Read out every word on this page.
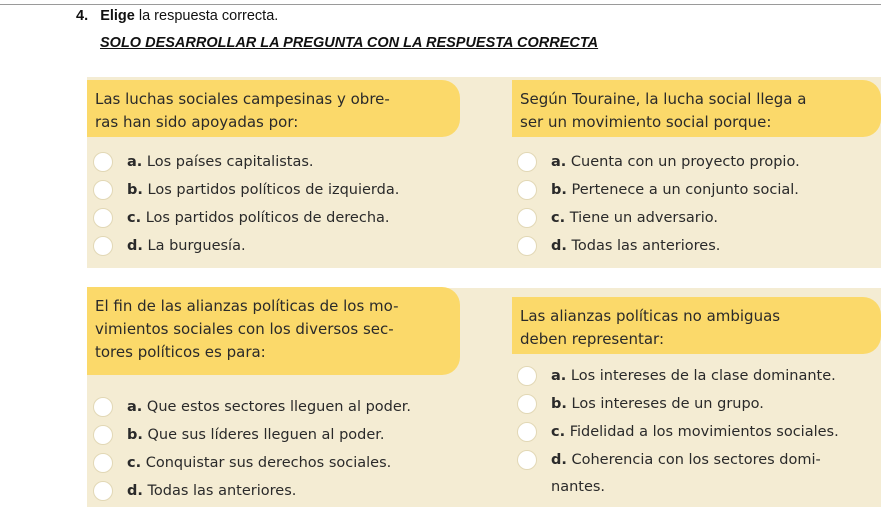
4. Elige la respuesta correcta.
SOLO DESARROLLAR LA PREGUNTA CON LA RESPUESTA CORRECTA
Las luchas sociales campesinas y obre-
ras han sido apoyadas por:
a. Los países capitalistas.
b. Los partidos políticos de izquierda.
c. Los partidos políticos de derecha.
d. La burguesía.
Según Touraine, la lucha social llega a
ser un movimiento social porque:
a. Cuenta con un proyecto propio.
b. Pertenece a un conjunto social.
c. Tiene un adversario.
d. Todas las anteriores.
El fin de las alianzas políticas de los mo-
vimientos sociales con los diversos sec-
tores políticos es para:
a. Que estos sectores lleguen al poder.
b. Que sus líderes lleguen al poder.
c. Conquistar sus derechos sociales.
d. Todas las anteriores.
Las alianzas políticas no ambiguas
deben representar:
a. Los intereses de la clase dominante.
b. Los intereses de un grupo.
c. Fidelidad a los movimientos sociales.
d. Coherencia con los sectores domi-
nantes.
